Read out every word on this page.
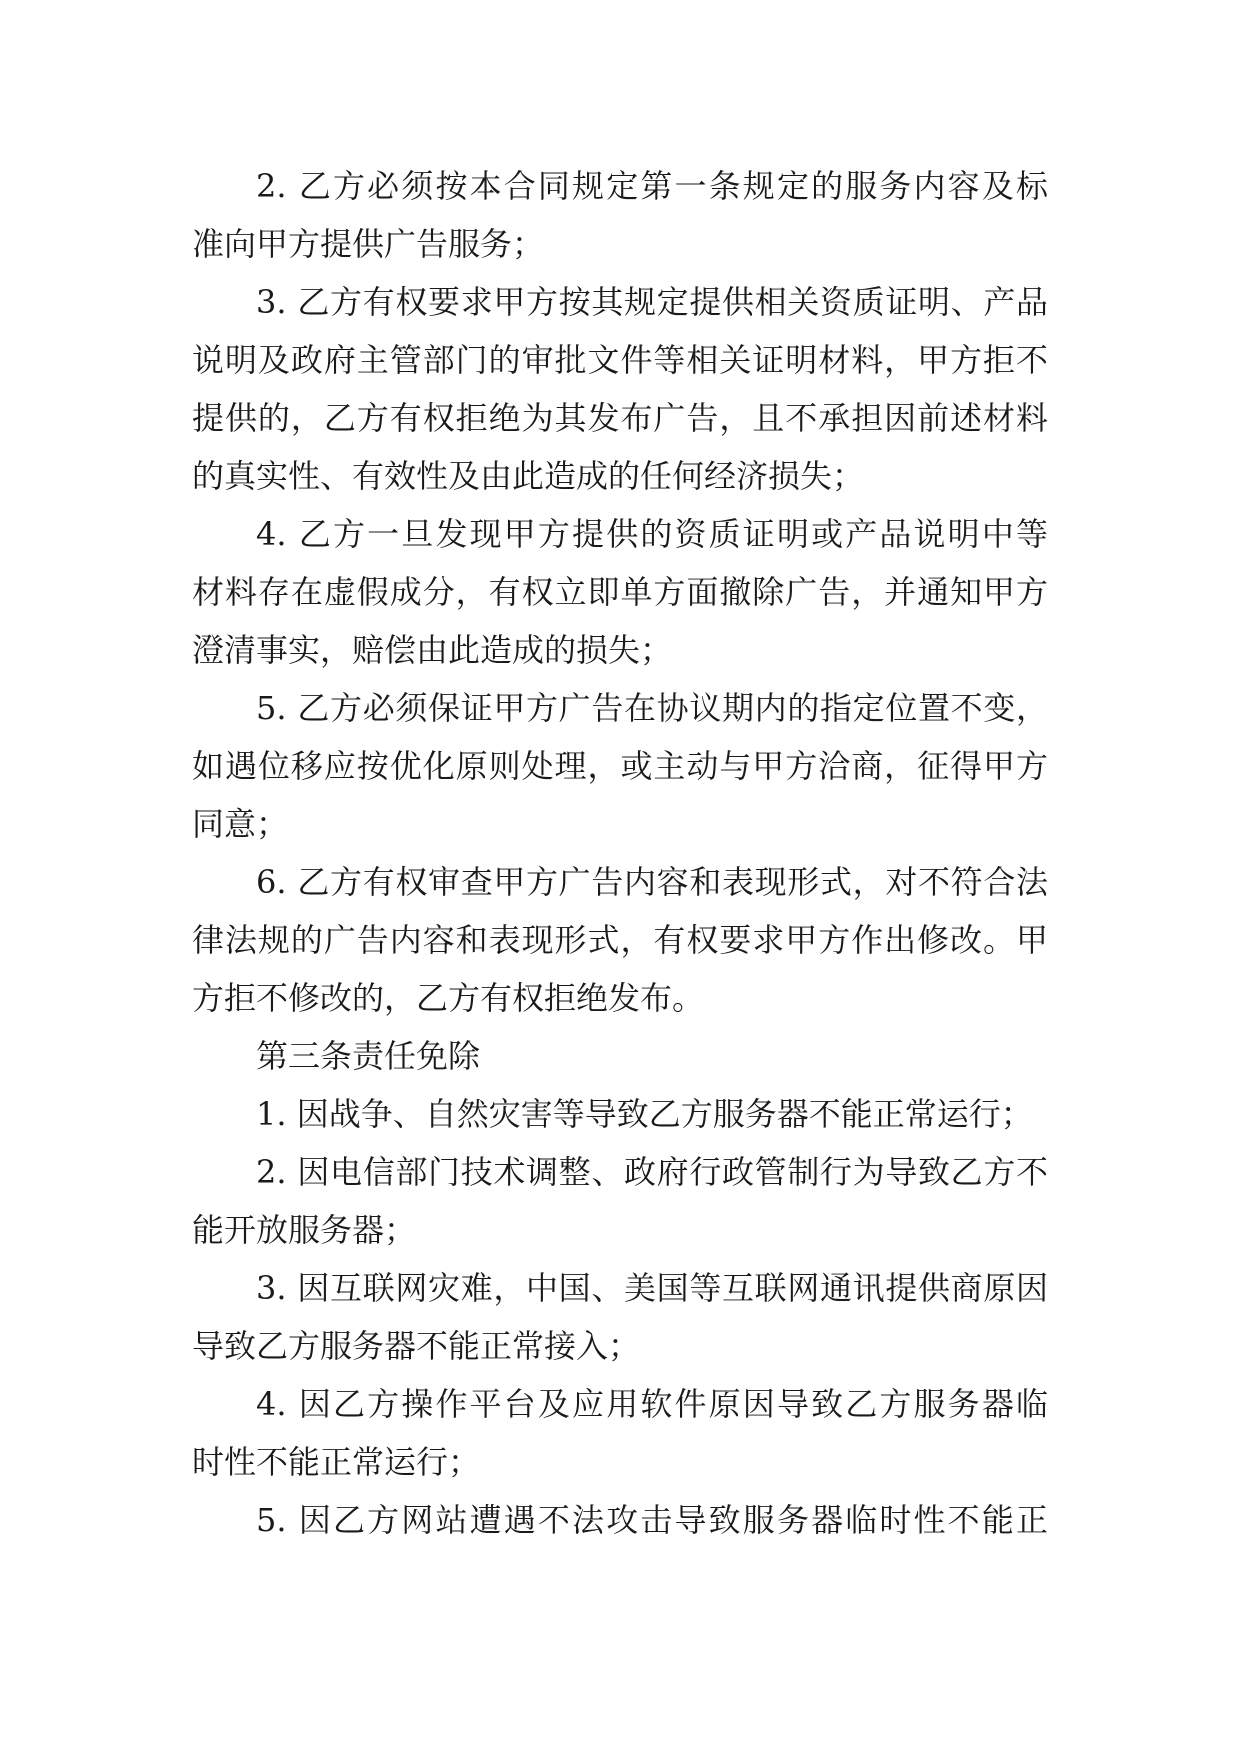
2. 乙方必须按本合同规定第一条规定的服务内容及标
准向甲方提供广告服务；
3. 乙方有权要求甲方按其规定提供相关资质证明、产品
说明及政府主管部门的审批文件等相关证明材料，甲方拒不
提供的，乙方有权拒绝为其发布广告，且不承担因前述材料
的真实性、有效性及由此造成的任何经济损失；
4. 乙方一旦发现甲方提供的资质证明或产品说明中等
材料存在虚假成分，有权立即单方面撤除广告，并通知甲方
澄清事实，赔偿由此造成的损失；
5. 乙方必须保证甲方广告在协议期内的指定位置不变，
如遇位移应按优化原则处理，或主动与甲方洽商，征得甲方
同意；
6. 乙方有权审查甲方广告内容和表现形式，对不符合法
律法规的广告内容和表现形式，有权要求甲方作出修改。甲
方拒不修改的，乙方有权拒绝发布。
第三条责任免除
1. 因战争、自然灾害等导致乙方服务器不能正常运行；
2. 因电信部门技术调整、政府行政管制行为导致乙方不
能开放服务器；
3. 因互联网灾难，中国、美国等互联网通讯提供商原因
导致乙方服务器不能正常接入；
4. 因乙方操作平台及应用软件原因导致乙方服务器临
时性不能正常运行；
5. 因乙方网站遭遇不法攻击导致服务器临时性不能正
